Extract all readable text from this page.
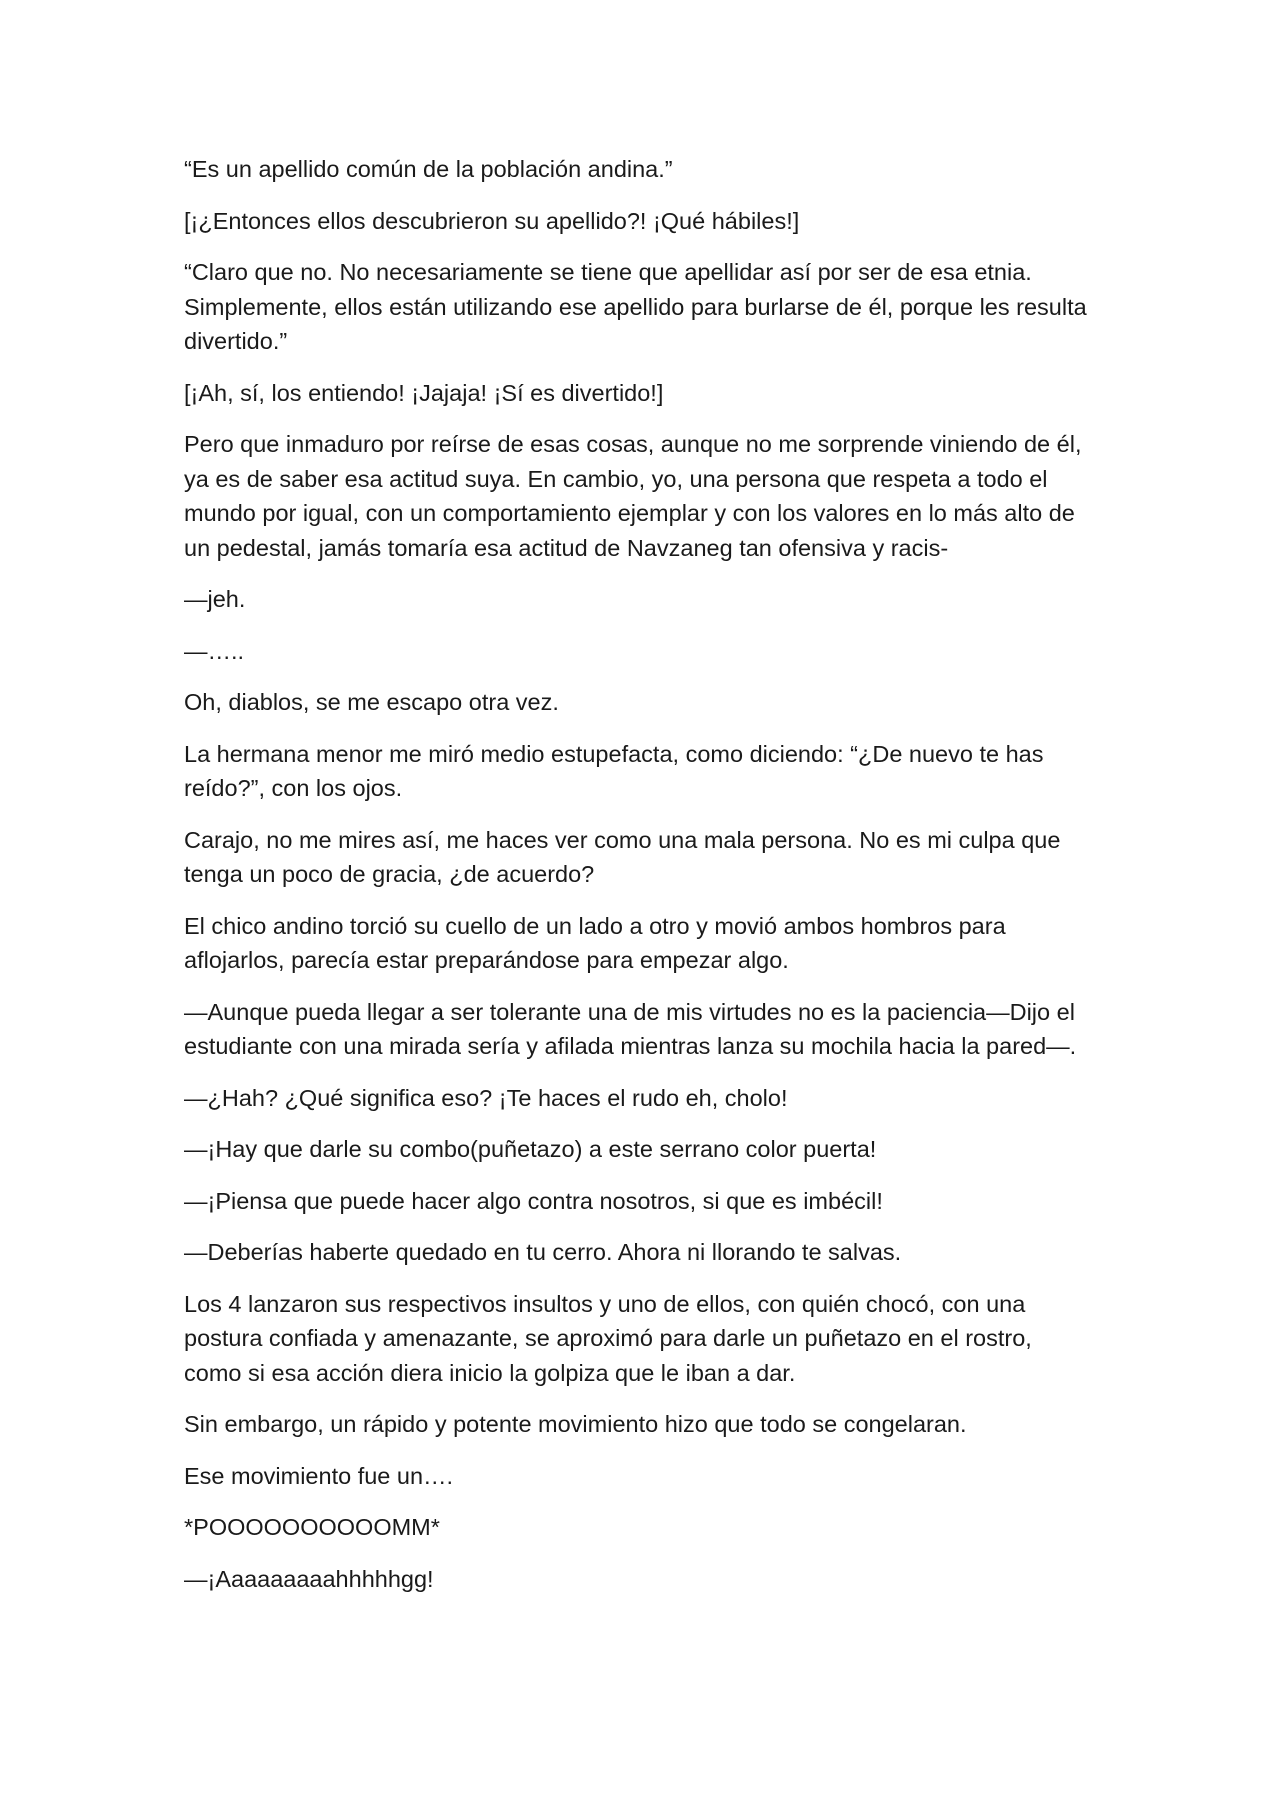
“Es un apellido común de la población andina.”

[¡¿Entonces ellos descubrieron su apellido?! ¡Qué hábiles!]

“Claro que no. No necesariamente se tiene que apellidar así por ser de esa etnia.
Simplemente, ellos están utilizando ese apellido para burlarse de él, porque les resulta
divertido.”

[¡Ah, sí, los entiendo! ¡Jajaja! ¡Sí es divertido!]

Pero que inmaduro por reírse de esas cosas, aunque no me sorprende viniendo de él,
ya es de saber esa actitud suya. En cambio, yo, una persona que respeta a todo el
mundo por igual, con un comportamiento ejemplar y con los valores en lo más alto de
un pedestal, jamás tomaría esa actitud de Navzaneg tan ofensiva y racis-

—jeh.

—…..

Oh, diablos, se me escapo otra vez.

La hermana menor me miró medio estupefacta, como diciendo: “¿De nuevo te has
reído?”, con los ojos.

Carajo, no me mires así, me haces ver como una mala persona. No es mi culpa que
tenga un poco de gracia, ¿de acuerdo?

El chico andino torció su cuello de un lado a otro y movió ambos hombros para
aflojarlos, parecía estar preparándose para empezar algo.

—Aunque pueda llegar a ser tolerante una de mis virtudes no es la paciencia—Dijo el
estudiante con una mirada sería y afilada mientras lanza su mochila hacia la pared—.

—¿Hah? ¿Qué significa eso? ¡Te haces el rudo eh, cholo!

—¡Hay que darle su combo(puñetazo) a este serrano color puerta!

—¡Piensa que puede hacer algo contra nosotros, si que es imbécil!

—Deberías haberte quedado en tu cerro. Ahora ni llorando te salvas.

Los 4 lanzaron sus respectivos insultos y uno de ellos, con quién chocó, con una
postura confiada y amenazante, se aproximó para darle un puñetazo en el rostro,
como si esa acción diera inicio la golpiza que le iban a dar.

Sin embargo, un rápido y potente movimiento hizo que todo se congelaran.

Ese movimiento fue un….

*POOOOOOOOOOMM*

—¡Aaaaaaaaahhhhhgg!
